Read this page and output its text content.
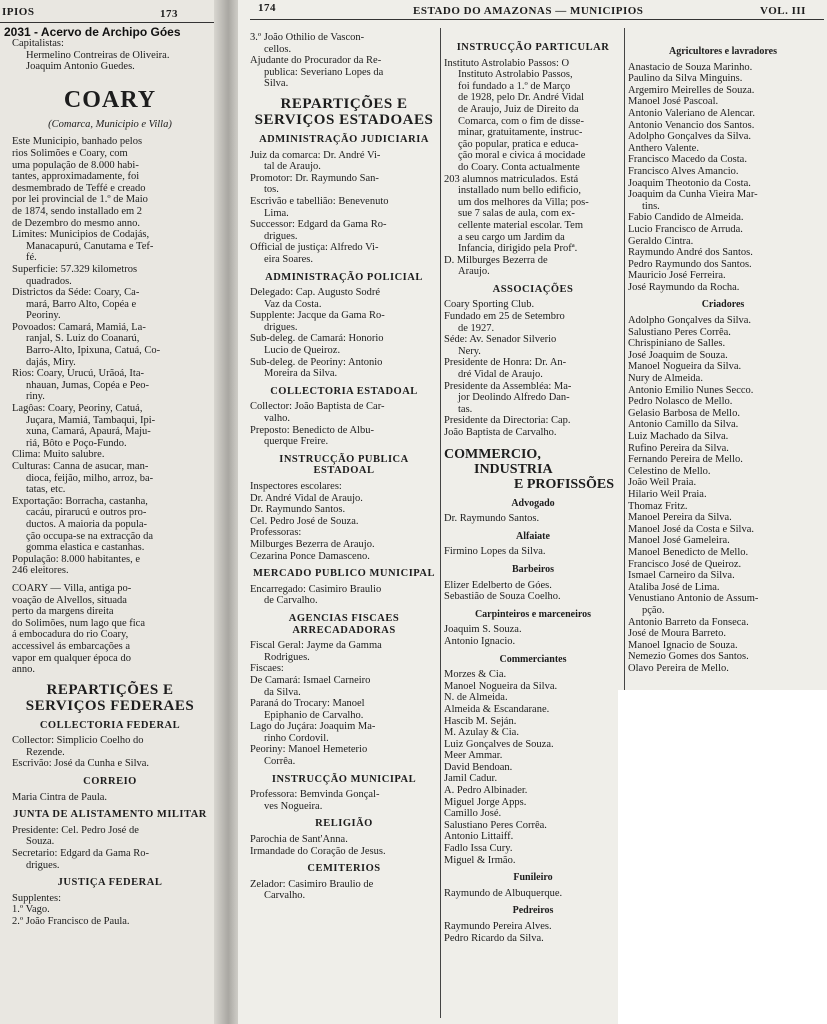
IPIOS	173
2031 - Acervo de Archipo Góes
Capitalistas:
Hermelino Contreiras de Oliveira.
Joaquim Antonio Guedes.
COARY
(Comarca, Municipio e Villa)
Este Municipio, banhado pelos
rios Solimões e Coary, com
uma população de 8.000 habi-
tantes, approximadamente, foi
desmembrado de Teffé e creado
por lei provincial de 1.º de Maio
de 1874, sendo installado em 2
de Dezembro do mesmo anno.
Limites: Municipios de Codajás,
Manacapurú, Canutama e Tef-
fé.
Superficie: 57.329 kilometros
quadrados.
Districtos da Séde: Coary, Ca-
mará, Barro Alto, Copéa e
Peoriny.
Povoados: Camará, Mamiá, La-
ranjal, S. Luiz do Coanarú,
Barro-Alto, Ipixuna, Catuá, Co-
dajás, Miry.
Rios: Coary, Urucú, Urãoá, Ita-
nhauan, Jumas, Copéa e Peo-
riny.
Lagôas: Coary, Peoriny, Catuá,
Juçara, Mamiá, Tambaqui, Ipi-
xuna, Camará, Apaurá, Maju-
riá, Bôto e Poço-Fundo.
Clima: Muito salubre.
Culturas: Canna de asucar, man-
dioca, feijão, milho, arroz, ba-
tatas, etc.
Exportação: Borracha, castanha,
cacáu, pirarucú e outros pro-
ductos. A maioria da popula-
ção occupa-se na extracção da
gomma elastica e castanhas.
População: 8.000 habitantes, e
246 eleitores.
COARY — Villa, antiga po-
voação de Alvellos, situada
perto da margens direita
do Solimões, num lago que fica
á embocadura do rio Coary,
accessivel ás embarcações a
vapor em qualquer época do
anno.
REPARTIÇÕES E SERVIÇOS FEDERAES
COLLECTORIA FEDERAL
Collector: Simplicio Coelho do
Rezende.
Escrivão: José da Cunha e Silva.
CORREIO
Maria Cintra de Paula.
JUNTA DE ALISTAMENTO MILITAR
Presidente: Cel. Pedro José de
Souza.
Secretario: Edgard da Gama Ro-
drigues.
JUSTIÇA FEDERAL
Supplentes:
1.º Vago.
2.º João Francisco de Paula.
174	ESTADO DO AMAZONAS — MUNICIPIOS	VOL. III
3.º João Othilio de Vascon-
cellos.
Ajudante do Procurador da Re-
publica: Severiano Lopes da
Silva.
REPARTIÇÕES E SERVIÇOS ESTADOAES
ADMINISTRAÇÃO JUDICIARIA
Juiz da comarca: Dr. André Vi-
tal de Araujo.
Promotor: Dr. Raymundo San-
tos.
Escrivão e tabellião: Benevenuto
Lima.
Successor: Edgard da Gama Ro-
drigues.
Official de justiça: Alfredo Vi-
eira Soares.
ADMINISTRAÇÃO POLICIAL
Delegado: Cap. Augusto Sodré
Vaz da Costa.
Supplente: Jacque da Gama Ro-
drigues.
Sub-deleg. de Camará: Honorio
Lucio de Queiroz.
Sub-deleg. de Peoriny: Antonio
Moreira da Silva.
COLLECTORIA ESTADOAL
Collector: João Baptista de Car-
valho.
Preposto: Benedicto de Albu-
querque Freire.
INSTRUCÇÃO PUBLICA ESTADOAL
Inspectores escolares:
Dr. André Vidal de Araujo.
Dr. Raymundo Santos.
Cel. Pedro José de Souza.
Professoras:
Milburges Bezerra de Araujo.
Cezarina Ponce Damasceno.
MERCADO PUBLICO MUNICIPAL
Encarregado: Casimiro Braulio
de Carvalho.
AGENCIAS FISCAES ARRECADADORAS
Fiscal Geral: Jayme da Gamma
Rodrigues.
Fiscaes:
De Camará: Ismael Carneiro
da Silva.
Paraná do Trocary: Manoel
Epiphanio de Carvalho.
Lago do Juçára: Joaquim Ma-
rinho Cordovil.
Peoriny: Manoel Hemeterio
Corrêa.
INSTRUCÇÃO MUNICIPAL
Professora: Bemvinda Gonçal-
ves Nogueira.
RELIGIÃO
Parochia de Sant'Anna.
Irmandade do Coração de Jesus.
CEMITERIOS
Zelador: Casimiro Braulio de
Carvalho.
INSTRUCÇÃO PARTICULAR
Instituto Astrolabio Passos: O
Instituto Astrolabio Passos,
foi fundado a 1.º de Março
de 1928, pelo Dr. André Vidal
de Araujo, Juiz de Direito da
Comarca, com o fim de disse-
minar, gratuitamente, instruc-
ção popular, pratica e educa-
ção moral e civica á mocidade
do Coary. Conta actualmente
203 alumnos matriculados. Está
installado num bello edificio,
um dos melhores da Villa; pos-
sue 7 salas de aula, com ex-
cellente material escolar. Tem
a seu cargo um Jardim da
Infancia, dirigido pela Profª.
D. Milburges Bezerra de
Araujo.
ASSOCIAÇÕES
Coary Sporting Club.
Fundado em 25 de Setembro
de 1927.
Séde: Av. Senador Silverio
Nery.
Presidente de Honra: Dr. An-
dré Vidal de Araujo.
Presidente da Assembléa: Ma-
jor Deolindo Alfredo Dan-
tas.
Presidente da Directoria: Cap.
João Baptista de Carvalho.
COMMERCIO,
INDUSTRIA
E PROFISSÕES
Advogado
Dr. Raymundo Santos.
Alfaiate
Firmino Lopes da Silva.
Barbeiros
Elizer Edelberto de Góes.
Sebastião de Souza Coelho.
Carpinteiros e marceneiros
Joaquim S. Souza.
Antonio Ignacio.
Commerciantes
Morzes & Cia.
Manoel Nogueira da Silva.
N. de Almeida.
Almeida & Escandarane.
Hascib M. Seján.
M. Azulay & Cia.
Luiz Gonçalves de Souza.
Meer Ammar.
David Bendoan.
Jamil Cadur.
A. Pedro Albinader.
Miguel Jorge Apps.
Camillo José.
Salustiano Peres Corrêa.
Antonio Littaiff.
Fadlo Issa Cury.
Miguel & Irmão.
Funileiro
Raymundo de Albuquerque.
Pedreiros
Raymundo Pereira Alves.
Pedro Ricardo da Silva.
Agricultores e lavradores
Anastacio de Souza Marinho.
Paulino da Silva Minguins.
Argemiro Meirelles de Souza.
Manoel José Pascoal.
Antonio Valeriano de Alencar.
Antonio Venancio dos Santos.
Adolpho Gonçalves da Silva.
Anthero Valente.
Francisco Macedo da Costa.
Francisco Alves Amancio.
Joaquim Theotonio da Costa.
Joaquim da Cunha Vieira Mar-
tins.
Fabio Candido de Almeida.
Lucio Francisco de Arruda.
Geraldo Cintra.
Raymundo André dos Santos.
Pedro Raymundo dos Santos.
Mauricio José Ferreira.
José Raymundo da Rocha.
Criadores
Adolpho Gonçalves da Silva.
Salustiano Peres Corrêa.
Chrispiniano de Salles.
José Joaquim de Souza.
Manoel Nogueira da Silva.
Nury de Almeida.
Antonio Emilio Nunes Secco.
Pedro Nolasco de Mello.
Gelasio Barbosa de Mello.
Antonio Camillo da Silva.
Luiz Machado da Silva.
Rufino Pereira da Silva.
Fernando Pereira de Mello.
Celestino de Mello.
João Weil Praia.
Hilario Weil Praia.
Thomaz Fritz.
Manoel Pereira da Silva.
Manoel José da Costa e Silva.
Manoel José Gameleira.
Manoel Benedicto de Mello.
Francisco José de Queiroz.
Ismael Carneiro da Silva.
Ataliba José de Lima.
Venustiano Antonio de Assum-
pção.
Antonio Barreto da Fonseca.
José de Moura Barreto.
Manoel Ignacio de Souza.
Nemezio Gomes dos Santos.
Olavo Pereira de Mello.
